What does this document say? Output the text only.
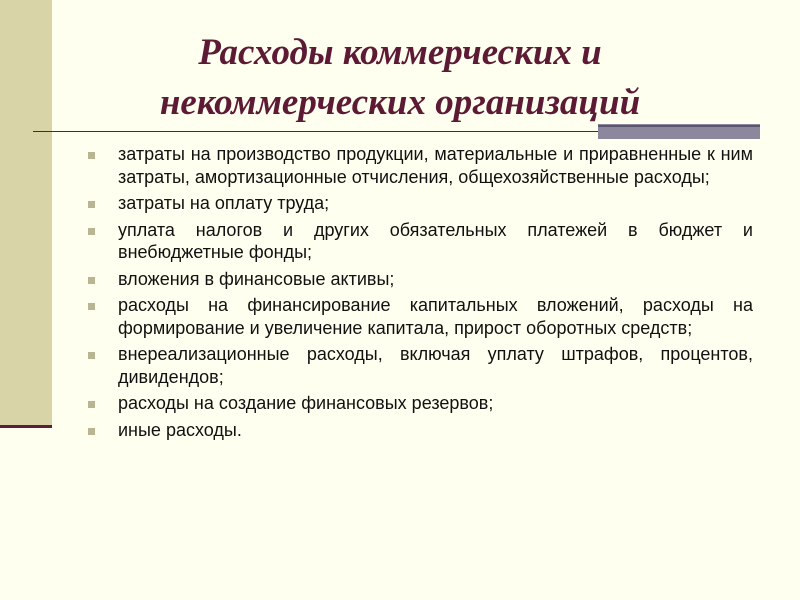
Расходы коммерческих и
некоммерческих организаций
затраты на производство продукции, материальные и приравненные к ним затраты, амортизационные отчисления, общехозяйственные расходы;
затраты на оплату труда;
уплата налогов и других обязательных платежей в бюджет и внебюджетные фонды;
вложения в финансовые активы;
расходы на финансирование капитальных вложений, расходы на формирование и увеличение капитала, прирост оборотных средств;
внереализационные расходы, включая уплату штрафов, процентов, дивидендов;
расходы на создание финансовых резервов;
иные расходы.
